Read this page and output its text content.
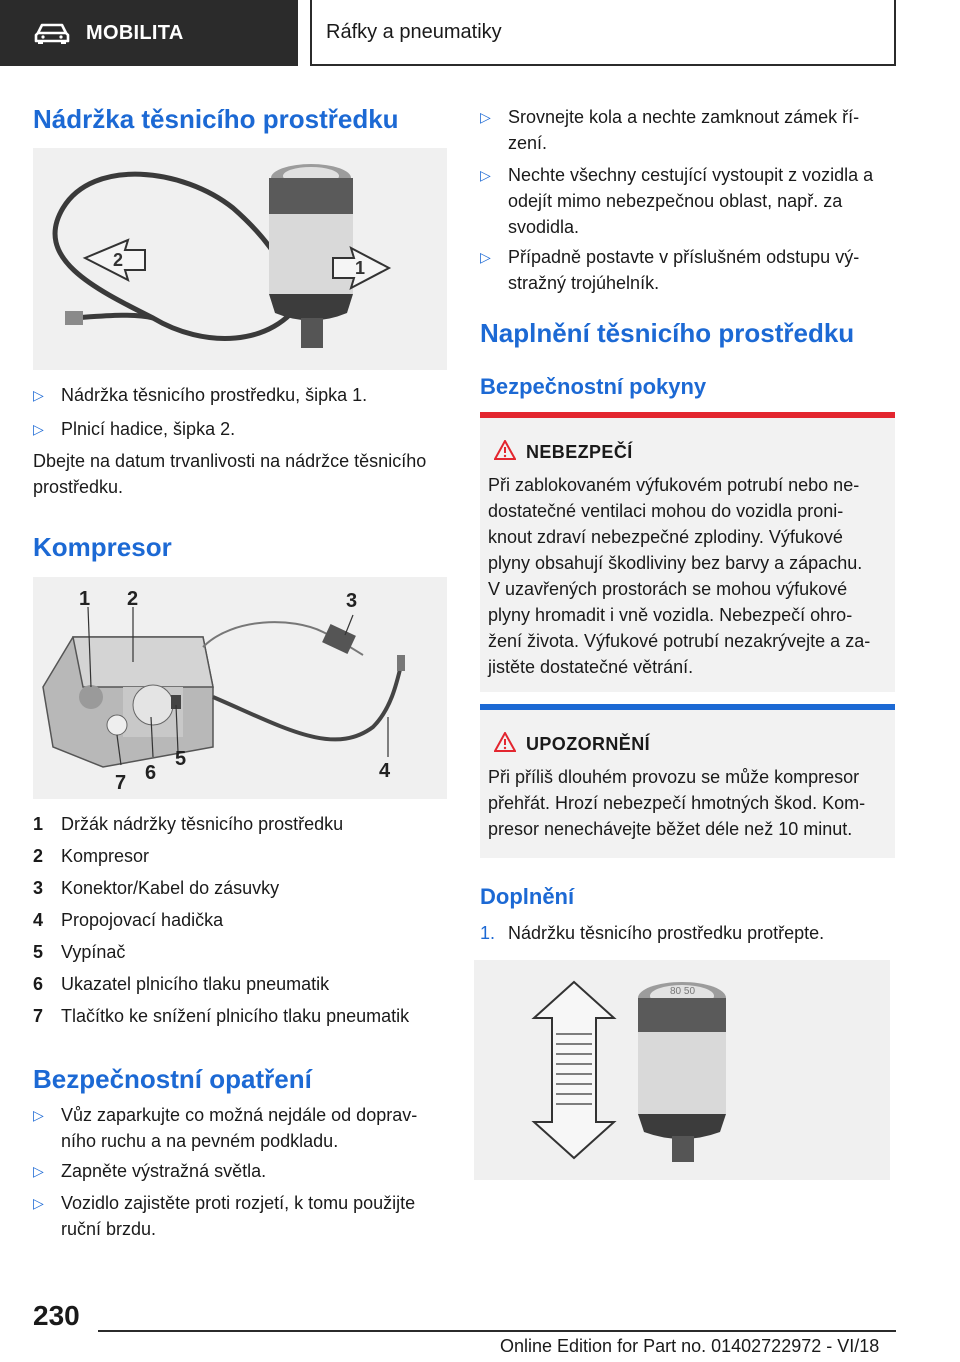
MOBILITA	Ráfky a pneumatiky
Nádržka těsnicího prostředku
2	1
▷ Nádržka těsnicího prostředku, šipka 1.
▷ Plnicí hadice, šipka 2.
Dbejte na datum trvanlivosti na nádržce těsnicího prostředku.
Kompresor
1 2	3
4
5
6
7
1 Držák nádržky těsnicího prostředku
2 Kompresor
3 Konektor/Kabel do zásuvky
4 Propojovací hadička
5 Vypínač
6 Ukazatel plnicího tlaku pneumatik
7 Tlačítko ke snížení plnicího tlaku pneumatik
Bezpečnostní opatření
▷ Vůz zaparkujte co možná nejdále od doprav-
ního ruchu a na pevném podkladu.
▷ Zapněte výstražná světla.
▷ Vozidlo zajistěte proti rozjetí, k tomu použijte
ruční brzdu.
▷ Srovnejte kola a nechte zamknout zámek ří-
zení.
▷ Nechte všechny cestující vystoupit z vozidla a
odejít mimo nebezpečnou oblast, např. za
svodidla.
▷ Případně postavte v příslušném odstupu vý-
stražný trojúhelník.
Naplnění těsnicího prostředku
Bezpečnostní pokyny
NEBEZPEČÍ
Při zablokovaném výfukovém potrubí nebo ne-
dostatečné ventilaci mohou do vozidla proni-
knout zdraví nebezpečné zplodiny. Výfukové
plyny obsahují škodliviny bez barvy a zápachu.
V uzavřených prostorách se mohou výfukové
plyny hromadit i vně vozidla. Nebezpečí ohro-
žení života. Výfukové potrubí nezakrývejte a za-
jistěte dostatečné větrání.
UPOZORNĚNÍ
Při příliš dlouhém provozu se může kompresor
přehřát. Hrozí nebezpečí hmotných škod. Kom-
presor nenechávejte běžet déle než 10 minut.
Doplnění
1. Nádržku těsnicího prostředku protřepte.
80 50
230
Online Edition for Part no. 01402722972 - VI/18
